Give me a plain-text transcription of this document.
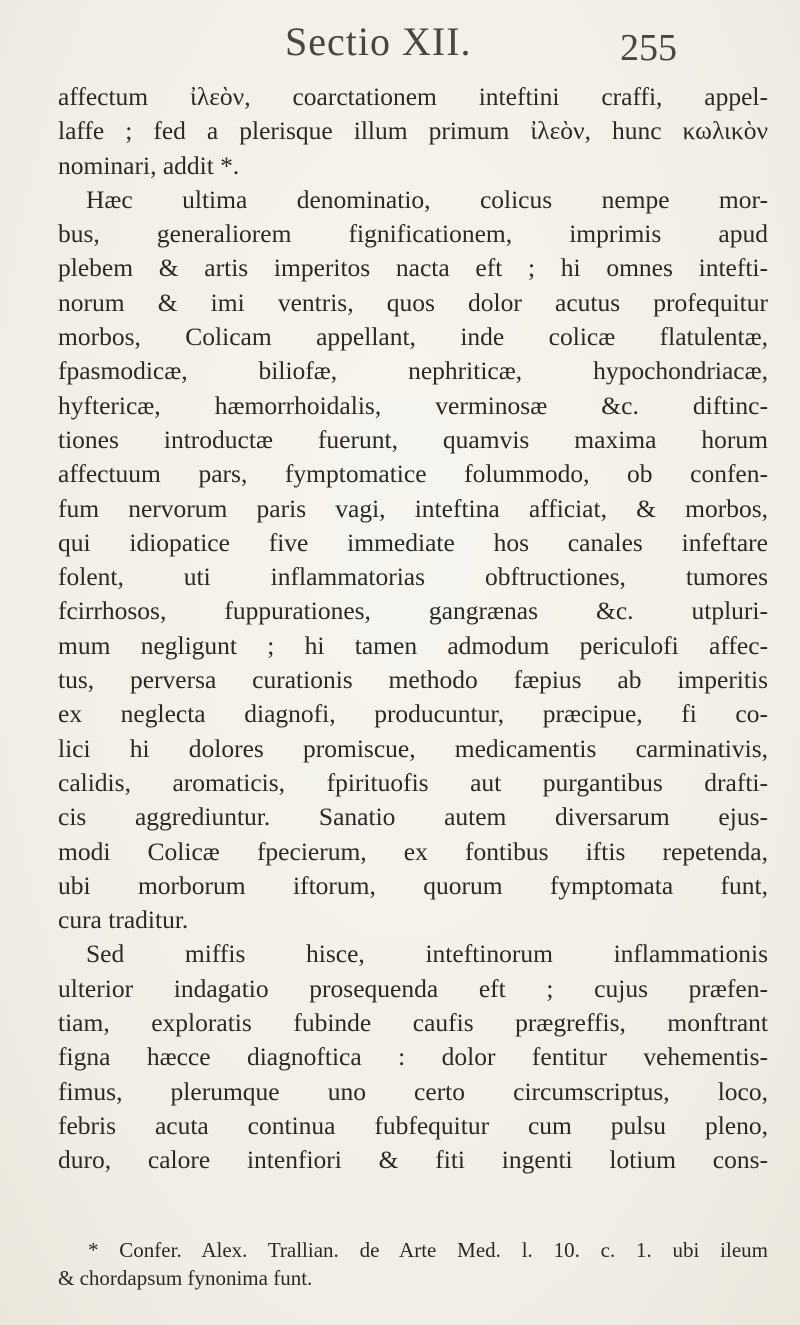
Sectio XII.	255
affectum ἰλεὸν, coarctationem inteftini craffi, appel-
laffe ; fed a plerisque illum primum ἰλεὸν, hunc κωλικὸν
nominari, addit *.
Hæc ultima denominatio, colicus nempe mor-
bus, generaliorem fignificationem, imprimis apud
plebem & artis imperitos nacta eft ; hi omnes intefti-
norum & imi ventris, quos dolor acutus profequitur
morbos, Colicam appellant, inde colicæ flatulentæ,
fpasmodicæ, biliofæ, nephriticæ, hypochondriacæ,
hyftericæ, hæmorrhoidalis, verminosæ &c. diftinc-
tiones introductæ fuerunt, quamvis maxima horum
affectuum pars, fymptomatice folummodo, ob confen-
fum nervorum paris vagi, inteftina afficiat, & morbos,
qui idiopatice five immediate hos canales infeftare
folent, uti inflammatorias obftructiones, tumores
fcirrhosos, fuppurationes, gangrænas &c. utpluri-
mum negligunt ; hi tamen admodum periculofi affec-
tus, perversa curationis methodo fæpius ab imperitis
ex neglecta diagnofi, producuntur, præcipue, fi co-
lici hi dolores promiscue, medicamentis carminativis,
calidis, aromaticis, fpirituofis aut purgantibus drafti-
cis aggrediuntur. Sanatio autem diversarum ejus-
modi Colicæ fpecierum, ex fontibus iftis repetenda,
ubi morborum iftorum, quorum fymptomata funt,
cura traditur.
Sed miffis hisce, inteftinorum inflammationis
ulterior indagatio prosequenda eft ; cujus præfen-
tiam, exploratis fubinde caufis prægreffis, monftrant
figna hæcce diagnoftica : dolor fentitur vehementis-
fimus, plerumque uno certo circumscriptus, loco,
febris acuta continua fubfequitur cum pulsu pleno,
duro, calore intenfiori & fiti ingenti lotium cons-
* Confer. Alex. Trallian. de Arte Med. l. 10. c. 1. ubi ileum
& chordapsum fynonima funt.
